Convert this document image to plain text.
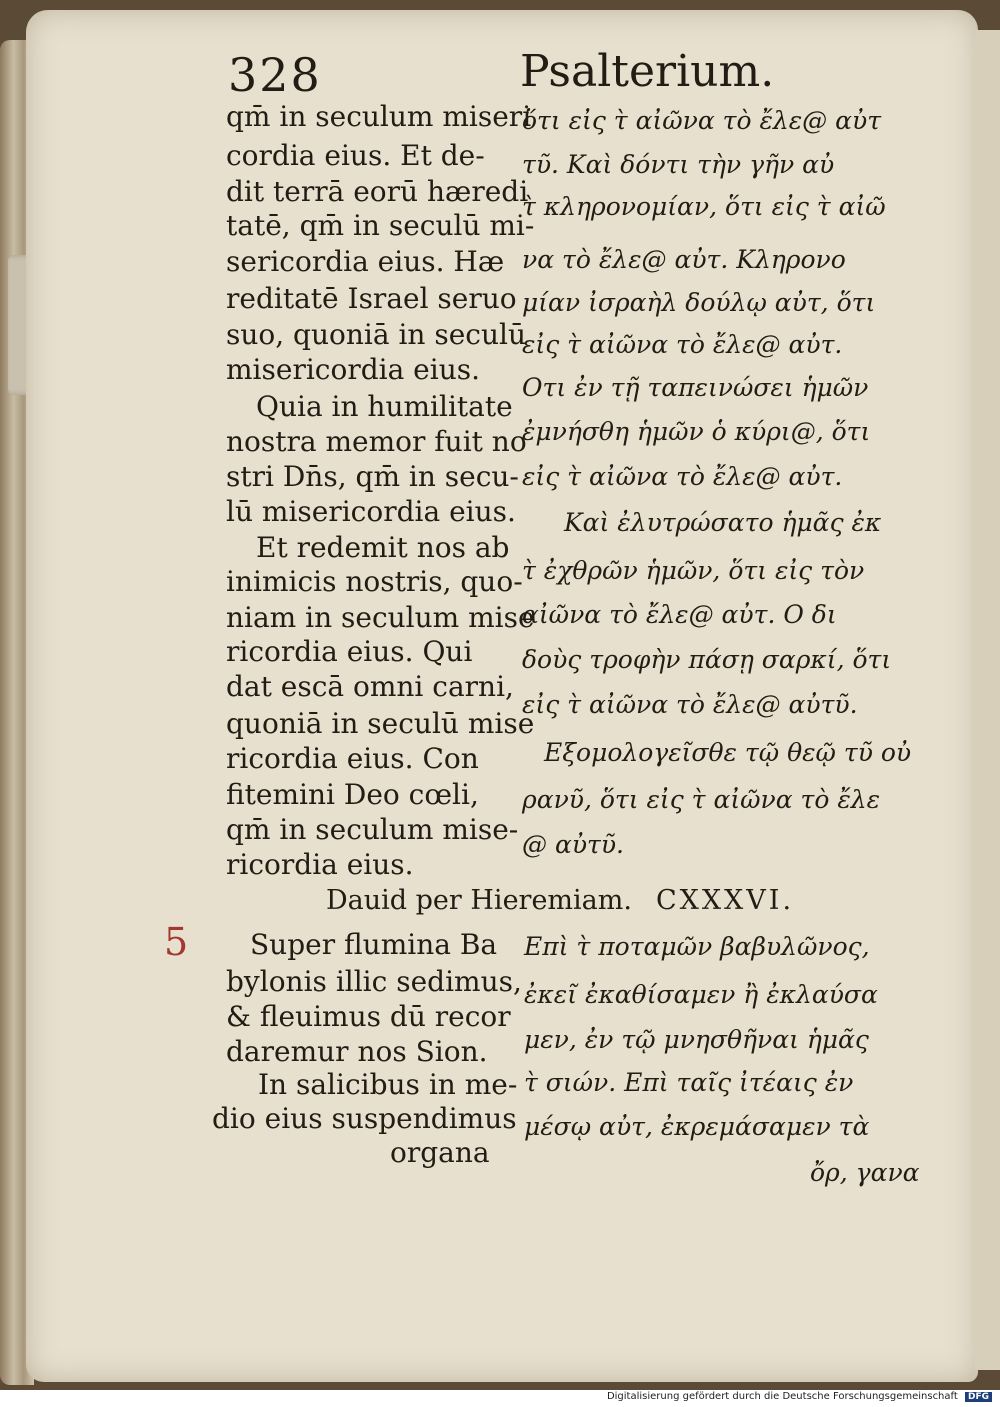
328	Psalterium.
qm̄ in seculum miseri
cordia eius. Et de-
dit terrā eorū hæredi
tatē, qm̄ in seculū mi-
sericordia eius. Hæ
reditatē Israel seruo
suo, quoniā in seculū
misericordia eius.
Quia in humilitate
nostra memor fuit no
stri Dn̄s, qm̄ in secu-
lū misericordia eius.
Et redemit nos ab
inimicis nostris, quo-
niam in seculum mise
ricordia eius. Qui
dat escā omni carni,
quoniā in seculū mise
ricordia eius. Con
fitemini Deo cœli,
qm̄ in seculum mise-
ricordia eius.
ὅτι εἰς τ̀ αἰῶνα τὸ ἔλε@ αὐτ
τῦ. Καὶ δόντι τὴν γῆν αὐ
τ̀ κληρονομίαν, ὅτι εἰς τ̀ αἰῶ
να τὸ ἔλε@ αὐτ. Κληρονο
μίαν ἰσραὴλ δούλῳ αὐτ, ὅτι
εἰς τ̀ αἰῶνα τὸ ἔλε@ αὐτ.
Οτι ἐν τῇ ταπεινώσει ἡμῶν
ἐμνήσθη ἡμῶν ὁ κύρι@, ὅτι
εἰς τ̀ αἰῶνα τὸ ἔλε@ αὐτ.
Καὶ ἐλυτρώσατο ἡμᾶς ἐκ
τ̀ ἐχθρῶν ἡμῶν, ὅτι εἰς τὸν
αἰῶνα τὸ ἔλε@ αὐτ. Ο δι
δοὺς τροφὴν πάσῃ σαρκί, ὅτι
εἰς τ̀ αἰῶνα τὸ ἔλε@ αὐτῦ.
Εξομολογεῖσθε τῷ θεῷ τῦ οὐ
ρανῦ, ὅτι εἰς τ̀ αἰῶνα τὸ ἔλε
@ αὐτῦ.
Dauid per Hieremiam. CXXXVI.
5 Super flumina Ba
bylonis illic sedimus,
& fleuimus dū recor
daremur nos Sion.
In salicibus in me-
dio eius suspendimus
organa
Επὶ τ̀ ποταμῶν βαβυλῶνος,
ἐκεῖ ἐκαθίσαμεν ἢ ἐκλαύσα
μεν, ἐν τῷ μνησθῆναι ἡμᾶς
τ̀ σιών. Επὶ ταῖς ἰτέαις ἐν
μέσῳ αὐτ, ἐκρεμάσαμεν τὰ
ὄρ, γανα
Digitalisierung gefördert durch die Deutsche Forschungsgemeinschaft DFG
